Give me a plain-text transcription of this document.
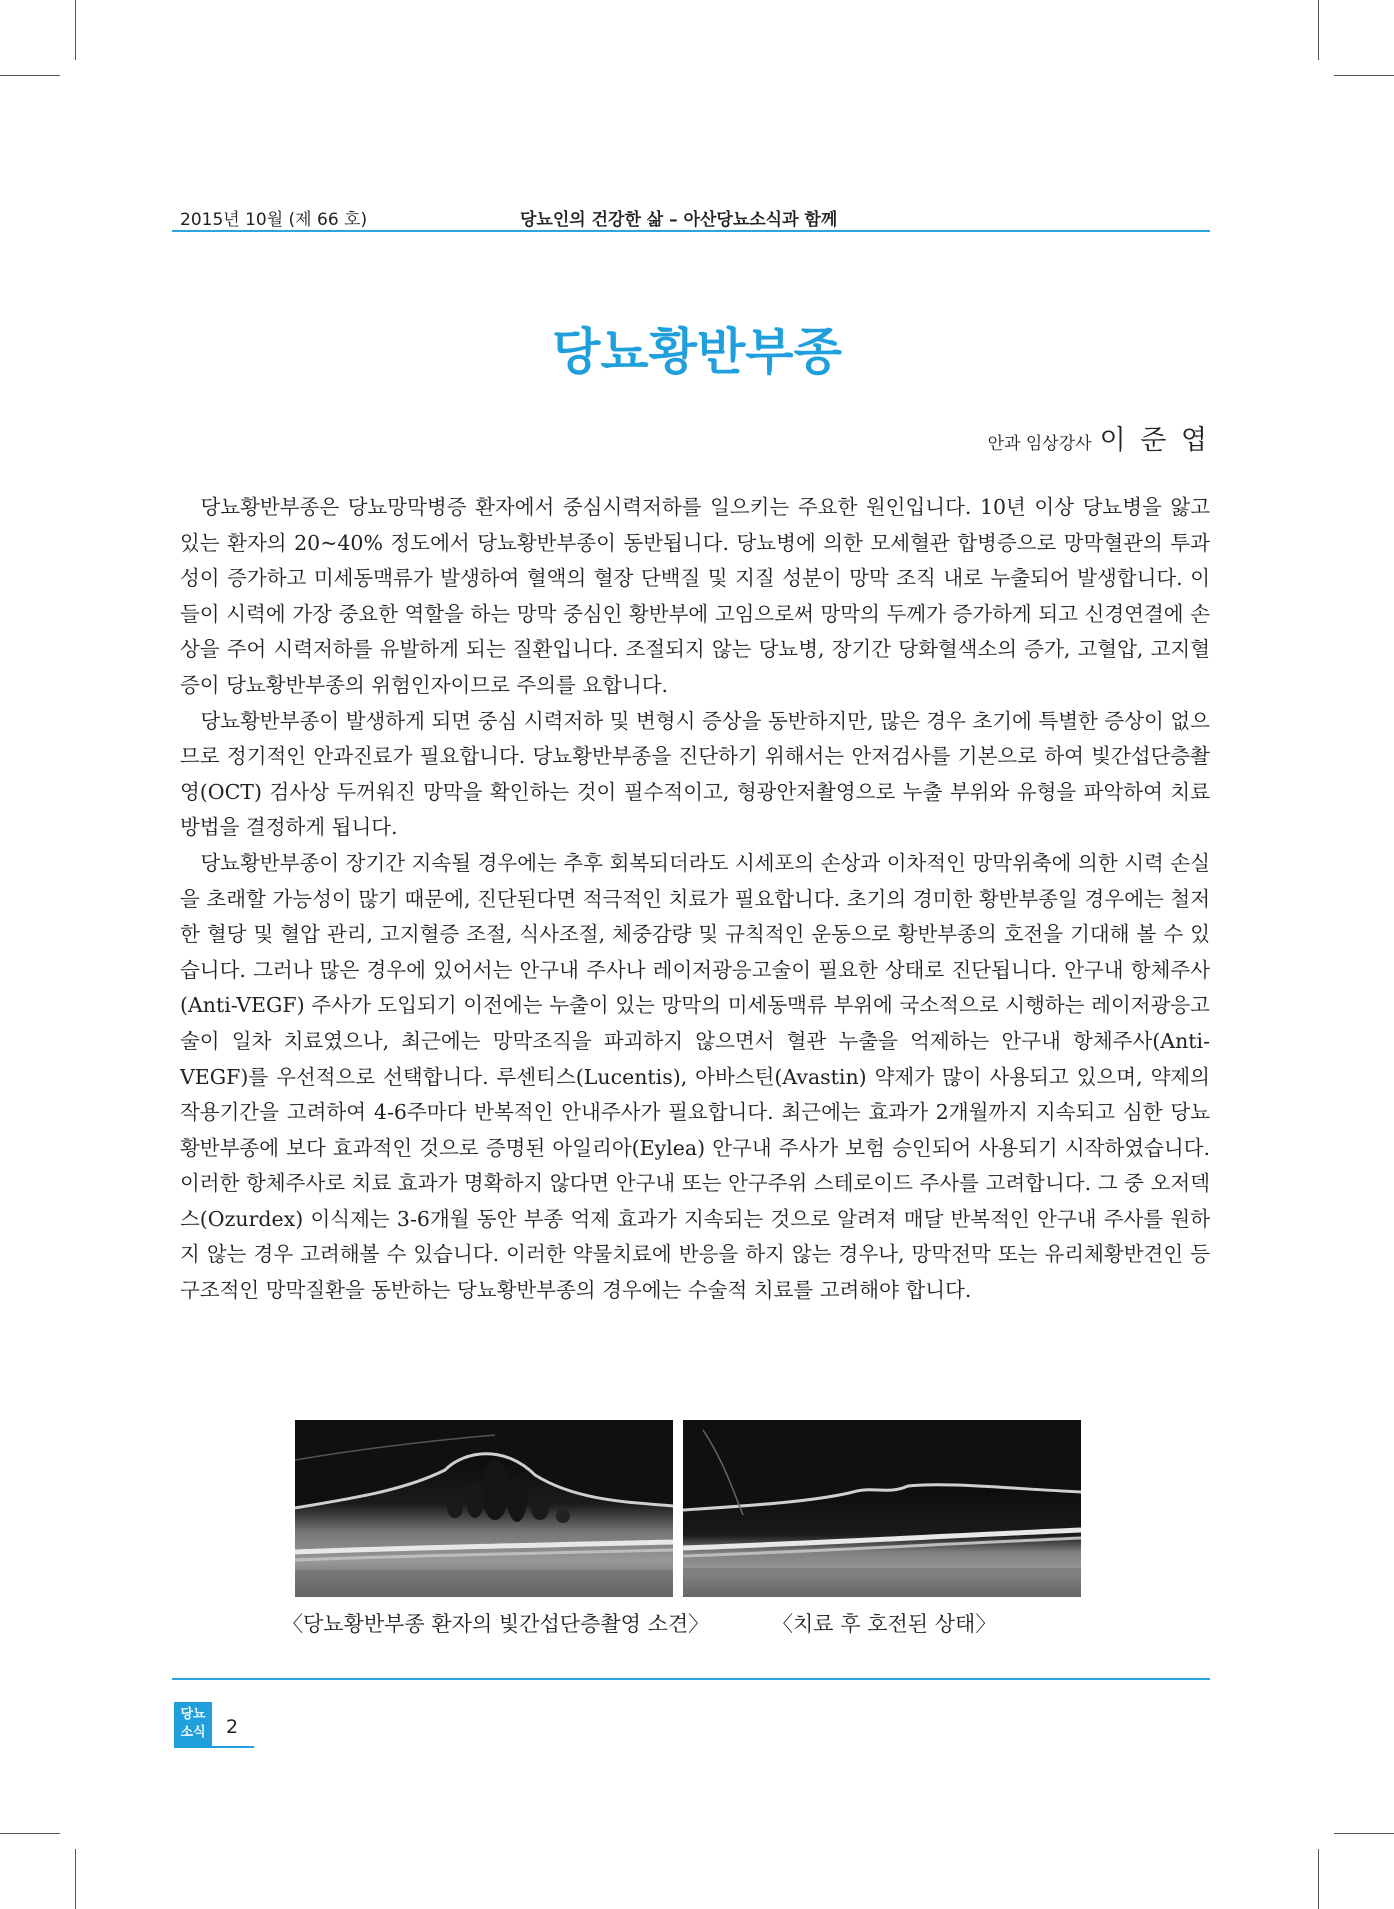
2015년 10월 (제 66 호)	당뇨인의 건강한 삶 – 아산당뇨소식과 함께
당뇨황반부종
안과 임상강사 이 준 엽

당뇨황반부종은 당뇨망막병증 환자에서 중심시력저하를 일으키는 주요한 원인입니다. 10년 이상 당뇨병을 앓고 있는 환자의 20~40% 정도에서 당뇨황반부종이 동반됩니다. 당뇨병에 의한 모세혈관 합병증으로 망막혈관의 투과성이 증가하고 미세동맥류가 발생하여 혈액의 혈장 단백질 및 지질 성분이 망막 조직 내로 누출되어 발생합니다. 이들이 시력에 가장 중요한 역할을 하는 망막 중심인 황반부에 고임으로써 망막의 두께가 증가하게 되고 신경연결에 손상을 주어 시력저하를 유발하게 되는 질환입니다. 조절되지 않는 당뇨병, 장기간 당화혈색소의 증가, 고혈압, 고지혈증이 당뇨황반부종의 위험인자이므로 주의를 요합니다.

당뇨황반부종이 발생하게 되면 중심 시력저하 및 변형시 증상을 동반하지만, 많은 경우 초기에 특별한 증상이 없으므로 정기적인 안과진료가 필요합니다. 당뇨황반부종을 진단하기 위해서는 안저검사를 기본으로 하여 빛간섭단층촬영(OCT) 검사상 두꺼워진 망막을 확인하는 것이 필수적이고, 형광안저촬영으로 누출 부위와 유형을 파악하여 치료방법을 결정하게 됩니다.

당뇨황반부종이 장기간 지속될 경우에는 추후 회복되더라도 시세포의 손상과 이차적인 망막위축에 의한 시력 손실을 초래할 가능성이 많기 때문에, 진단된다면 적극적인 치료가 필요합니다. 초기의 경미한 황반부종일 경우에는 철저한 혈당 및 혈압 관리, 고지혈증 조절, 식사조절, 체중감량 및 규칙적인 운동으로 황반부종의 호전을 기대해 볼 수 있습니다. 그러나 많은 경우에 있어서는 안구내 주사나 레이저광응고술이 필요한 상태로 진단됩니다. 안구내 항체주사(Anti-VEGF) 주사가 도입되기 이전에는 누출이 있는 망막의 미세동맥류 부위에 국소적으로 시행하는 레이저광응고술이 일차 치료였으나, 최근에는 망막조직을 파괴하지 않으면서 혈관 누출을 억제하는 안구내 항체주사(Anti-VEGF)를 우선적으로 선택합니다. 루센티스(Lucentis), 아바스틴(Avastin) 약제가 많이 사용되고 있으며, 약제의 작용기간을 고려하여 4-6주마다 반복적인 안내주사가 필요합니다. 최근에는 효과가 2개월까지 지속되고 심한 당뇨황반부종에 보다 효과적인 것으로 증명된 아일리아(Eylea) 안구내 주사가 보험 승인되어 사용되기 시작하였습니다. 이러한 항체주사로 치료 효과가 명확하지 않다면 안구내 또는 안구주위 스테로이드 주사를 고려합니다. 그 중 오저덱스(Ozurdex) 이식제는 3-6개월 동안 부종 억제 효과가 지속되는 것으로 알려져 매달 반복적인 안구내 주사를 원하지 않는 경우 고려해볼 수 있습니다. 이러한 약물치료에 반응을 하지 않는 경우나, 망막전막 또는 유리체황반견인 등 구조적인 망막질환을 동반하는 당뇨황반부종의 경우에는 수술적 치료를 고려해야 합니다.

〈당뇨황반부종 환자의 빛간섭단층촬영 소견〉	〈치료 후 호전된 상태〉
당뇨
소식	2
